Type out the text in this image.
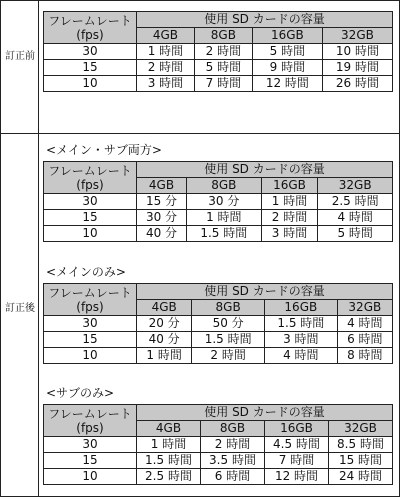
訂正前
訂正後
フレームレート
(fps)	使用 SD カードの容量			
	4GB	8GB	16GB	32GB
30	1 時間	2 時間	5 時間	10 時間
15	2 時間	5 時間	9 時間	19 時間
10	3 時間	7 時間	12 時間	26 時間
<メイン・サブ両方>
フレームレート
(fps)	使用 SD カードの容量			
	4GB	8GB	16GB	32GB
30	15 分	30 分	1 時間	2.5 時間
15	30 分	1 時間	2 時間	4 時間
10	40 分	1.5 時間	3 時間	5 時間
<メインのみ>
フレームレート
(fps)	使用 SD カードの容量			
	4GB	8GB	16GB	32GB
30	20 分	50 分	1.5 時間	4 時間
15	40 分	1.5 時間	3 時間	6 時間
10	1 時間	2 時間	4 時間	8 時間
<サブのみ>
フレームレート
(fps)	使用 SD カードの容量			
	4GB	8GB	16GB	32GB
30	1 時間	2 時間	4.5 時間	8.5 時間
15	1.5 時間	3.5 時間	7 時間	15 時間
10	2.5 時間	6 時間	12 時間	24 時間
